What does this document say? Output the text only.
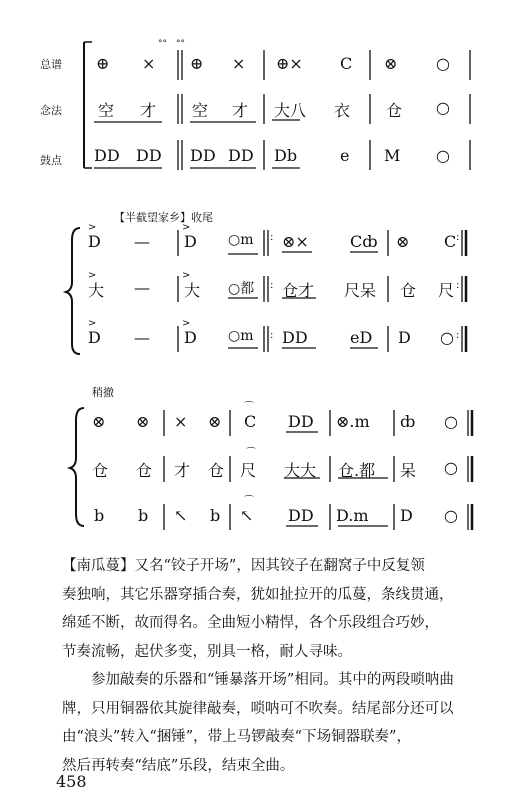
°° °°
总谱
念法
鼓点
⊕ × ⊕ × ⊕× C ⊗ ○
空 才 空 才 大八 衣 仓 ○
DD DD DD DD Db	e M ○
【半截望家乡】收尾
>	>
>	>
>	>
:	:
:	:
:	:
D — D ○m ⊗×	Cȸ ⊗ C
大 — 大 ○都 仓才 尺呆 仓 尺
D — D ○m DD	eD D ○
稍撤
⌒
⌒
⌒
:
:
:
⊗ ⊗ × ⊗ C DD ⊗.m ȸ ○
仓 仓 才 仓 尺 大大 仓.都 呆 ○
b b ↖ b ↖ DD D.m D ○
【南瓜蔓】又名“铰子开场”，因其铰子在翻窝子中反复领
奏独响，其它乐器穿插合奏，犹如扯拉开的瓜蔓，条线贯通，
绵延不断，故而得名。全曲短小精悍，各个乐段组合巧妙，
节奏流畅，起伏多变，别具一格，耐人寻味。
　　参加敲奏的乐器和“锤暴落开场”相同。其中的两段唢呐曲
牌，只用铜器依其旋律敲奏，唢呐可不吹奏。结尾部分还可以
由“浪头”转入“捆锤”，带上马锣敲奏“下场铜器联奏”，
然后再转奏“结底”乐段，结束全曲。
458
